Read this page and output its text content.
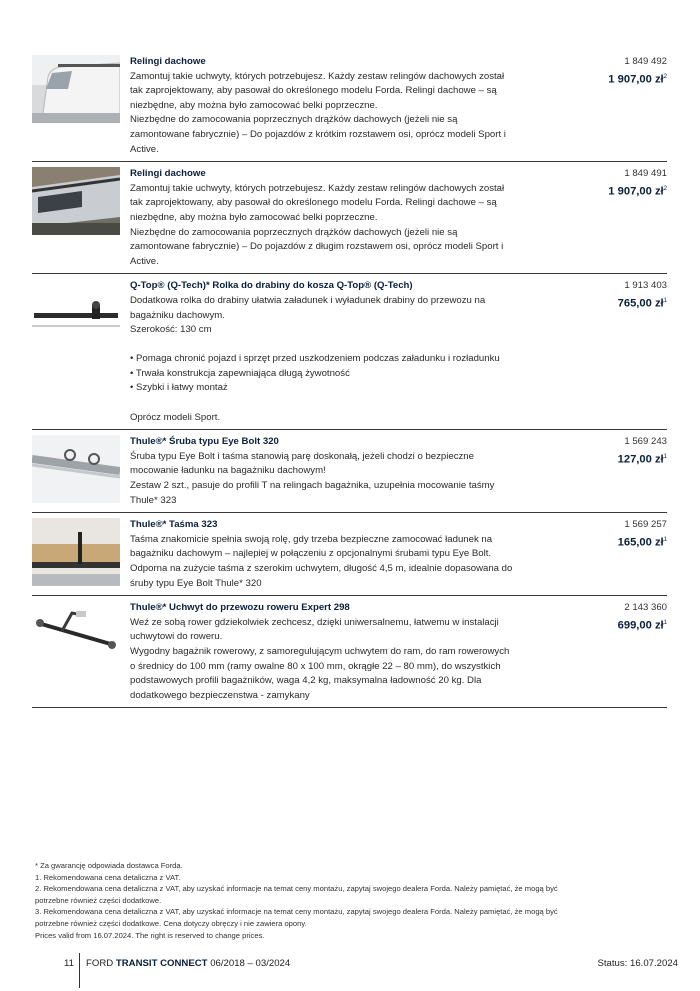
Relingi dachowe
Zamontuj takie uchwyty, których potrzebujesz. Każdy zestaw relingów dachowych został
tak zaprojektowany, aby pasował do określonego modelu Forda. Relingi dachowe – są
niezbędne, aby można było zamocować belki poprzeczne.
Niezbędne do zamocowania poprzecznych drążków dachowych (jeżeli nie są
zamontowane fabrycznie) – Do pojazdów z krótkim rozstawem osi, oprócz modeli Sport i
Active.
1 849 492
1 907,00 $zł^2$
Relingi dachowe
Zamontuj takie uchwyty, których potrzebujesz. Każdy zestaw relingów dachowych został
tak zaprojektowany, aby pasował do określonego modelu Forda. Relingi dachowe – są
niezbędne, aby można było zamocować belki poprzeczne.
Niezbędne do zamocowania poprzecznych drążków dachowych (jeżeli nie są
zamontowane fabrycznie) – Do pojazdów z długim rozstawem osi, oprócz modeli Sport i
Active.
1 849 491
1 907,00 $zł^2$
Q-Top® (Q-Tech)* Rolka do drabiny do kosza Q-Top® (Q-Tech)
Dodatkowa rolka do drabiny ułatwia załadunek i wyładunek drabiny do przewozu na
bagażniku dachowym.
Szerokość: 130 cm
• Pomaga chronić pojazd i sprzęt przed uszkodzeniem podczas załadunku i rozładunku
• Trwała konstrukcja zapewniająca długą żywotność
• Szybki i łatwy montaż
Oprócz modeli Sport.
1 913 403
765,00 $zł^1$
Thule®* Śruba typu Eye Bolt 320
Śruba typu Eye Bolt i taśma stanowią parę doskonałą, jeżeli chodzi o bezpieczne
mocowanie ładunku na bagażniku dachowym!
Zestaw 2 szt., pasuje do profili T na relingach bagażnika, uzupełnia mocowanie taśmy
Thule* 323
1 569 243
127,00 $zł^1$
Thule®* Taśma 323
Taśma znakomicie spełnia swoją rolę, gdy trzeba bezpieczne zamocować ładunek na
bagażniku dachowym – najlepiej w połączeniu z opcjonalnymi śrubami typu Eye Bolt.
Odporna na zużycie taśma z szerokim uchwytem, długość 4,5 m, idealnie dopasowana do
śruby typu Eye Bolt Thule* 320
1 569 257
165,00 $zł^1$
Thule®* Uchwyt do przewozu roweru Expert 298
Weź ze sobą rower gdziekolwiek zechcesz, dzięki uniwersalnemu, łatwemu w instalacji
uchwytowi do roweru.
Wygodny bagażnik rowerowy, z samoregulującym uchwytem do ram, do ram rowerowych
o średnicy do 100 mm (ramy owalne 80 x 100 mm, okrągłe 22 – 80 mm), do wszystkich
podstawowych profili bagażników, waga 4,2 kg, maksymalna ładowność 20 kg. Dla
dodatkowego bezpieczenstwa - zamykany
2 143 360
699,00 $zł^1$
* Za gwarancję odpowiada dostawca Forda.
1. Rekomendowana cena detaliczna z VAT.
2. Rekomendowana cena detaliczna z VAT, aby uzyskać informacje na temat ceny montażu, zapytaj swojego dealera Forda. Należy pamiętać, że mogą być
potrzebne również części dodatkowe.
3. Rekomendowana cena detaliczna z VAT, aby uzyskać informacje na temat ceny montażu, zapytaj swojego dealera Forda. Należy pamiętać, że mogą być
potrzebne również części dodatkowe. Cena dotyczy obręczy i nie zawiera opony.
Prices valid from 16.07.2024. The right is reserved to change prices.
11 FORD TRANSIT CONNECT 06/2018 – 03/2024	Status: 16.07.2024
